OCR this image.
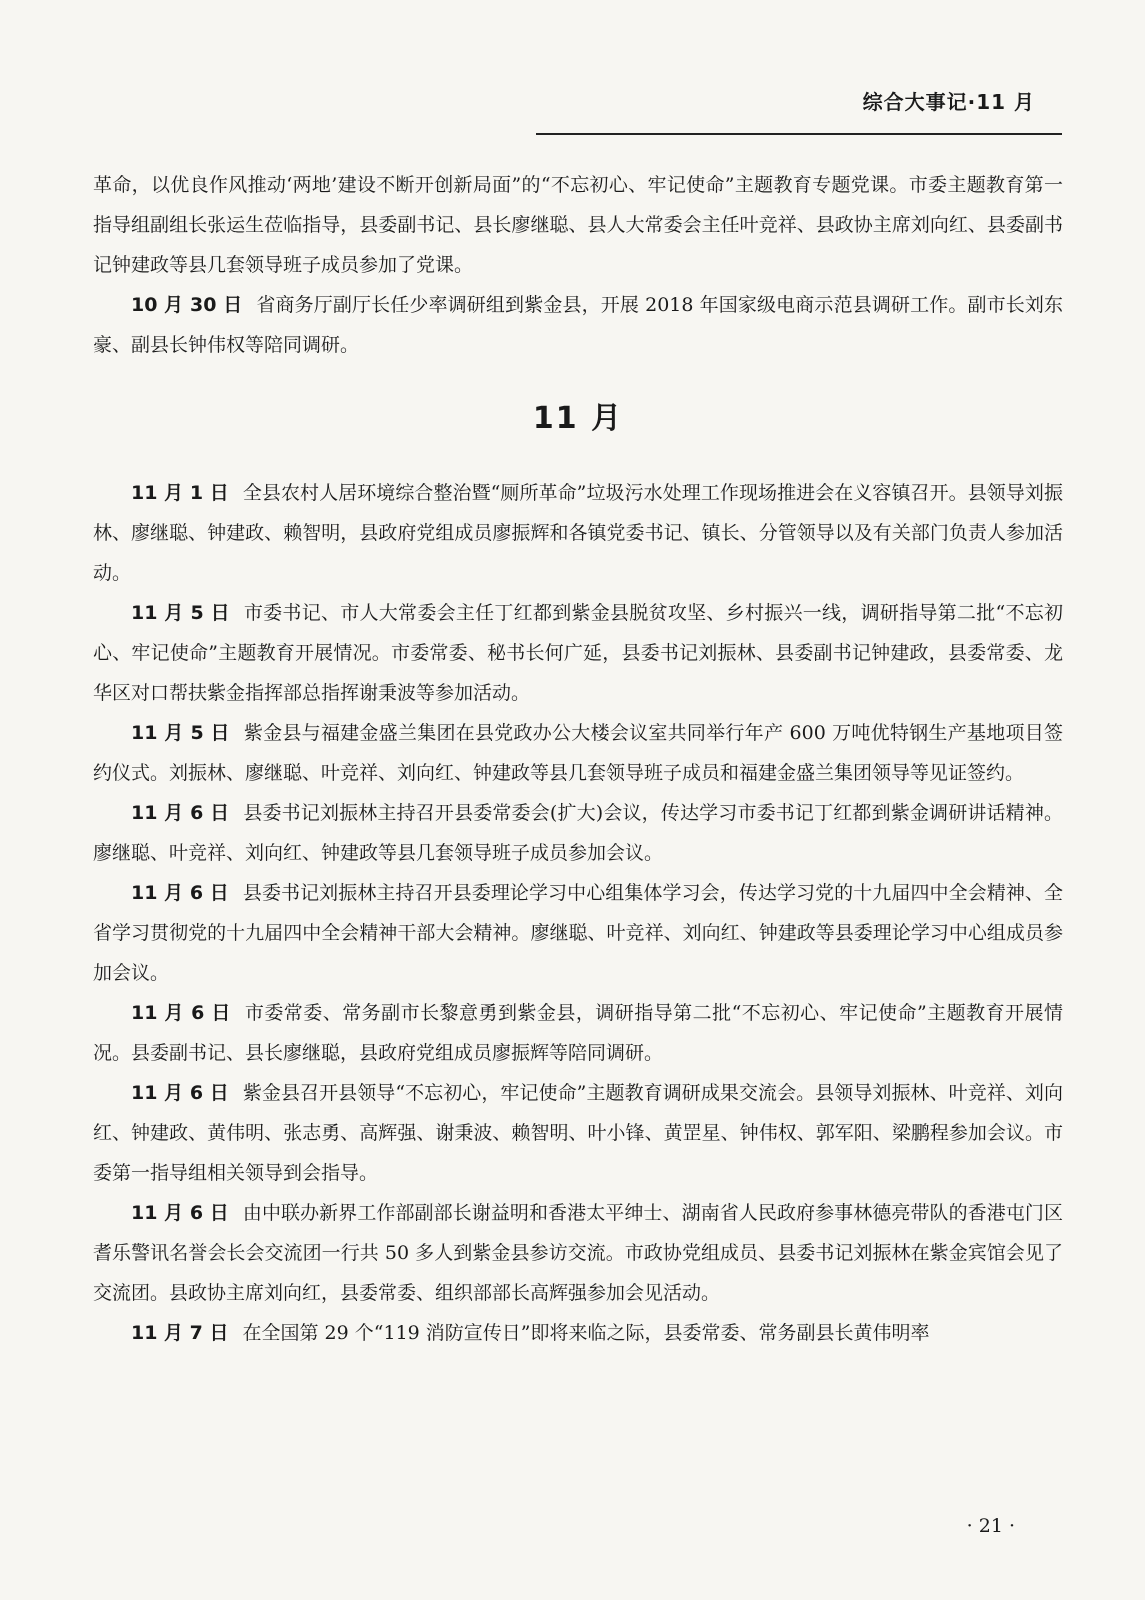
综合大事记·11 月

革命，以优良作风推动‘两地’建设不断开创新局面”的“不忘初心、牢记使命”主题教育专题党课。市委主题教育第一指导组副组长张运生莅临指导，县委副书记、县长廖继聪、县人大常委会主任叶竞祥、县政协主席刘向红、县委副书记钟建政等县几套领导班子成员参加了党课。

10 月 30 日 省商务厅副厅长任少率调研组到紫金县，开展 2018 年国家级电商示范县调研工作。副市长刘东豪、副县长钟伟权等陪同调研。

11 月

11 月 1 日 全县农村人居环境综合整治暨“厕所革命”垃圾污水处理工作现场推进会在义容镇召开。县领导刘振林、廖继聪、钟建政、赖智明，县政府党组成员廖振辉和各镇党委书记、镇长、分管领导以及有关部门负责人参加活动。

11 月 5 日 市委书记、市人大常委会主任丁红都到紫金县脱贫攻坚、乡村振兴一线，调研指导第二批“不忘初心、牢记使命”主题教育开展情况。市委常委、秘书长何广延，县委书记刘振林、县委副书记钟建政，县委常委、龙华区对口帮扶紫金指挥部总指挥谢秉波等参加活动。

11 月 5 日 紫金县与福建金盛兰集团在县党政办公大楼会议室共同举行年产 600 万吨优特钢生产基地项目签约仪式。刘振林、廖继聪、叶竞祥、刘向红、钟建政等县几套领导班子成员和福建金盛兰集团领导等见证签约。

11 月 6 日 县委书记刘振林主持召开县委常委会(扩大)会议，传达学习市委书记丁红都到紫金调研讲话精神。廖继聪、叶竞祥、刘向红、钟建政等县几套领导班子成员参加会议。

11 月 6 日 县委书记刘振林主持召开县委理论学习中心组集体学习会，传达学习党的十九届四中全会精神、全省学习贯彻党的十九届四中全会精神干部大会精神。廖继聪、叶竞祥、刘向红、钟建政等县委理论学习中心组成员参加会议。

11 月 6 日 市委常委、常务副市长黎意勇到紫金县，调研指导第二批“不忘初心、牢记使命”主题教育开展情况。县委副书记、县长廖继聪，县政府党组成员廖振辉等陪同调研。

11 月 6 日 紫金县召开县领导“不忘初心，牢记使命”主题教育调研成果交流会。县领导刘振林、叶竞祥、刘向红、钟建政、黄伟明、张志勇、高辉强、谢秉波、赖智明、叶小锋、黄罡星、钟伟权、郭军阳、梁鹏程参加会议。市委第一指导组相关领导到会指导。

11 月 6 日 由中联办新界工作部副部长谢益明和香港太平绅士、湖南省人民政府参事林德亮带队的香港屯门区耆乐警讯名誉会长会交流团一行共 50 多人到紫金县参访交流。市政协党组成员、县委书记刘振林在紫金宾馆会见了交流团。县政协主席刘向红，县委常委、组织部部长高辉强参加会见活动。

11 月 7 日 在全国第 29 个“119 消防宣传日”即将来临之际，县委常委、常务副县长黄伟明率

· 21 ·
